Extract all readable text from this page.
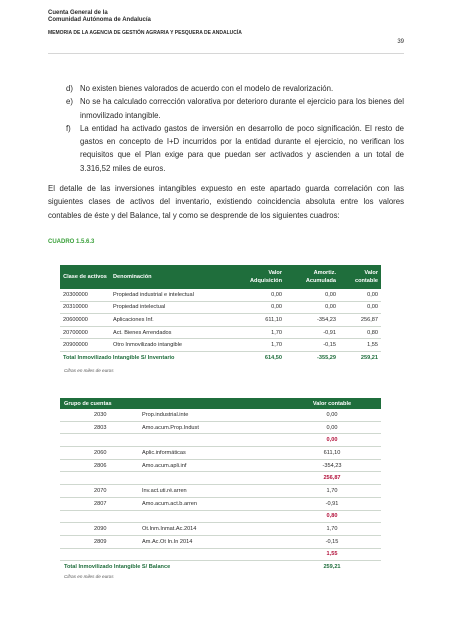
Cuenta General de la
Comunidad Autónoma de Andalucía
MEMORIA DE LA AGENCIA DE GESTIÓN AGRARIA Y PESQUERA DE ANDALUCÍA
39
d) No existen bienes valorados de acuerdo con el modelo de revalorización.
e) No se ha calculado corrección valorativa por deterioro durante el ejercicio para los bienes del inmovilizado intangible.
f)	La entidad ha activado gastos de inversión en desarrollo de poco significación. El resto de gastos en concepto de I+D incurridos por la entidad durante el ejercicio, no verifican los requisitos que el Plan exige para que puedan ser activados y ascienden a un total de 3.316,52 miles de euros.
El detalle de las inversiones intangibles expuesto en este apartado guarda correlación con las siguientes clases de activos del inventario, existiendo coincidencia absoluta entre los valores contables de éste y del Balance, tal y como se desprende de los siguientes cuadros:
CUADRO 1.5.6.3
Clase de activos	Denominación	Valor Adquisición	Amortiz. Acumulada	Valor contable
20300000	Propiedad industrial e intelectual	0,00	0,00	0,00
20310000	Propiedad intelectual	0,00	0,00	0,00
20600000	Aplicaciones Inf.	611,10	-354,23	256,87
20700000	Act. Bienes Arrendados	1,70	-0,91	0,80
20900000	Otro Inmovilizado intangible	1,70	-0,15	1,55
Total Inmovilizado Intangible S/ Inventario		614,50	-355,29	259,21
Cifras en miles de euros
Grupo de cuentas			Valor contable
	2030	Prop.industrial.inte	0,00
	2803	Amo.acum.Prop.Indust	0,00
			0,00
	2060	Aplic.informáticas	611,10
	2806	Amo.acum.apli.inf	-354,23
			256,87
	2070	Inv.act.uti.ré.arren	1,70
	2807	Amo.acum.act.b.arren	-0,91
			0,80
	2090	Ot.Inm.Inmat.Ac.2014	1,70
	2809	Am.Ac.Ot In.In 2014	-0,15
			1,55
Total Inmovilizado Intangible S/ Balance			259,21
Cifras en miles de euros
